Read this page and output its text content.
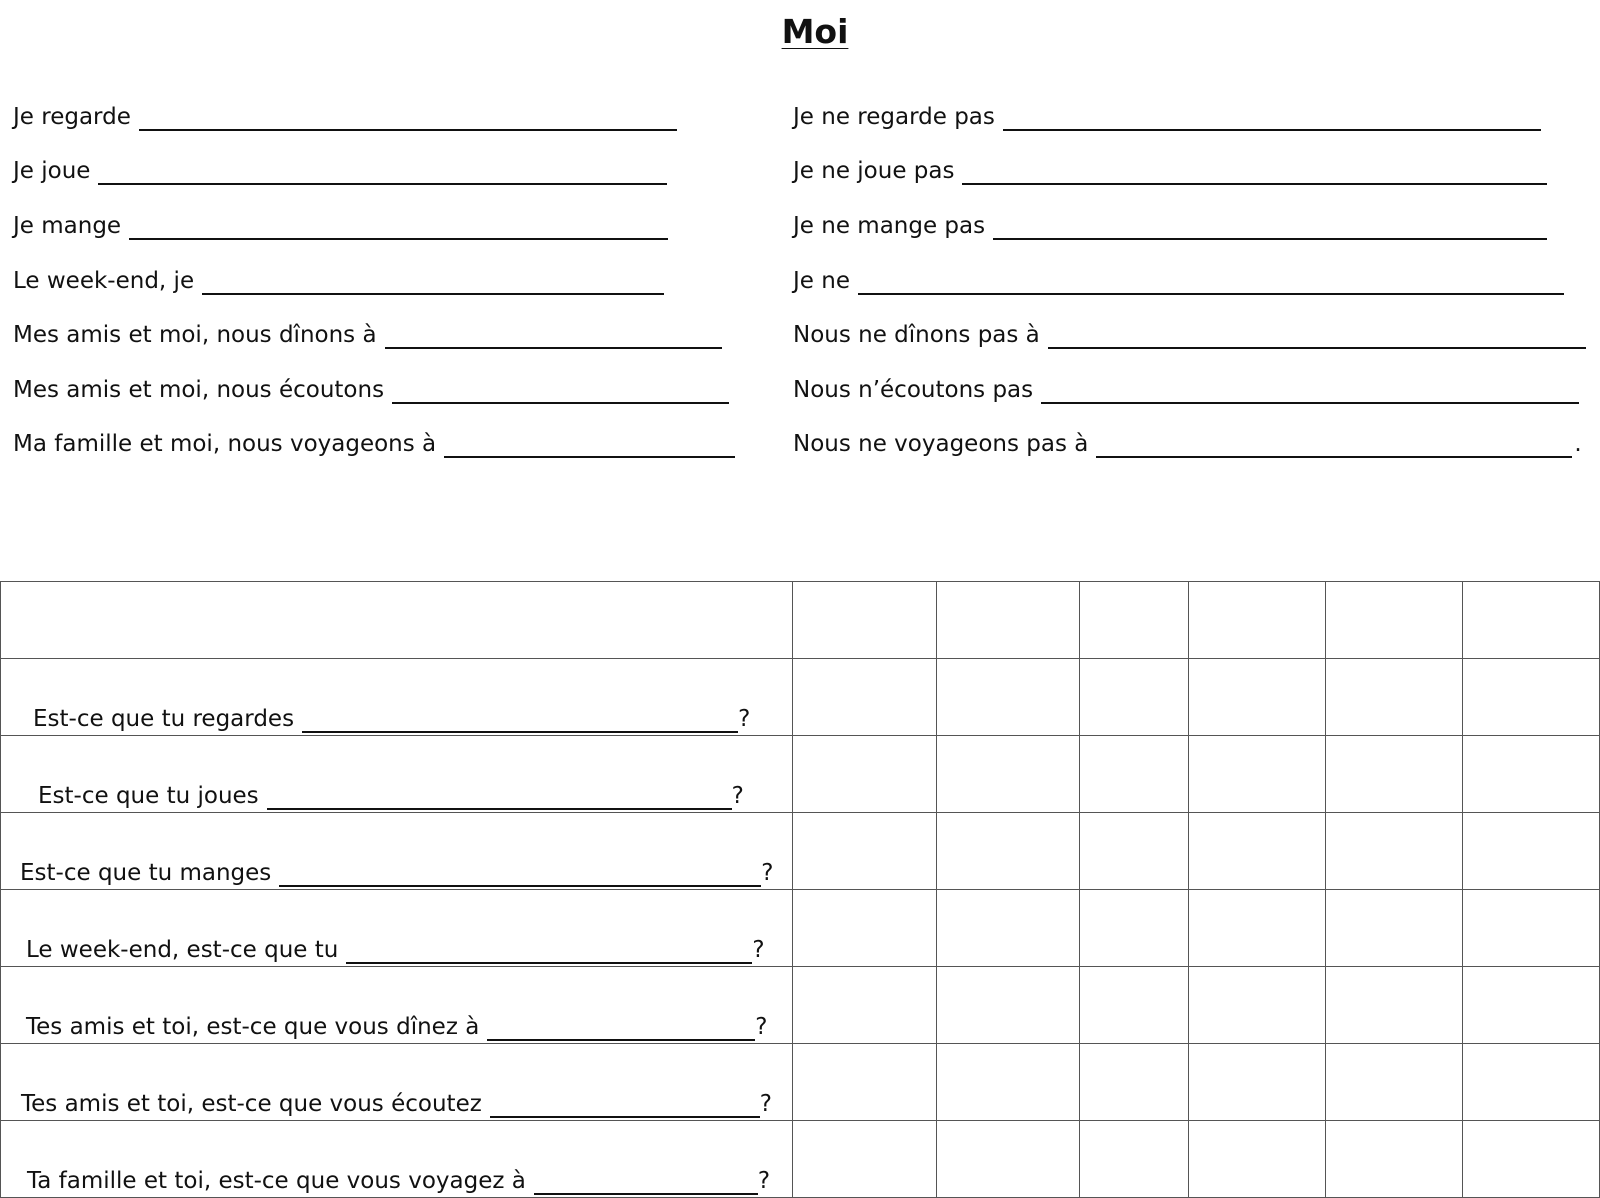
Moi
Je regarde
Je joue
Je mange
Le week-end, je
Mes amis et moi, nous dînons à
Mes amis et moi, nous écoutons
Ma famille et moi, nous voyageons à
Je ne regarde pas
Je ne joue pas
Je ne mange pas
Je ne
Nous ne dînons pas à
Nous n’écoutons pas
Nous ne voyageons pas à	.

Est-ce que tu regardes ?						

Est-ce que tu joues ?						

Est-ce que tu manges ?						

Le week-end, est-ce que tu ?						

Tes amis et toi, est-ce que vous dînez à ?						

Tes amis et toi, est-ce que vous écoutez ?						

Ta famille et toi, est-ce que vous voyagez à ?						
